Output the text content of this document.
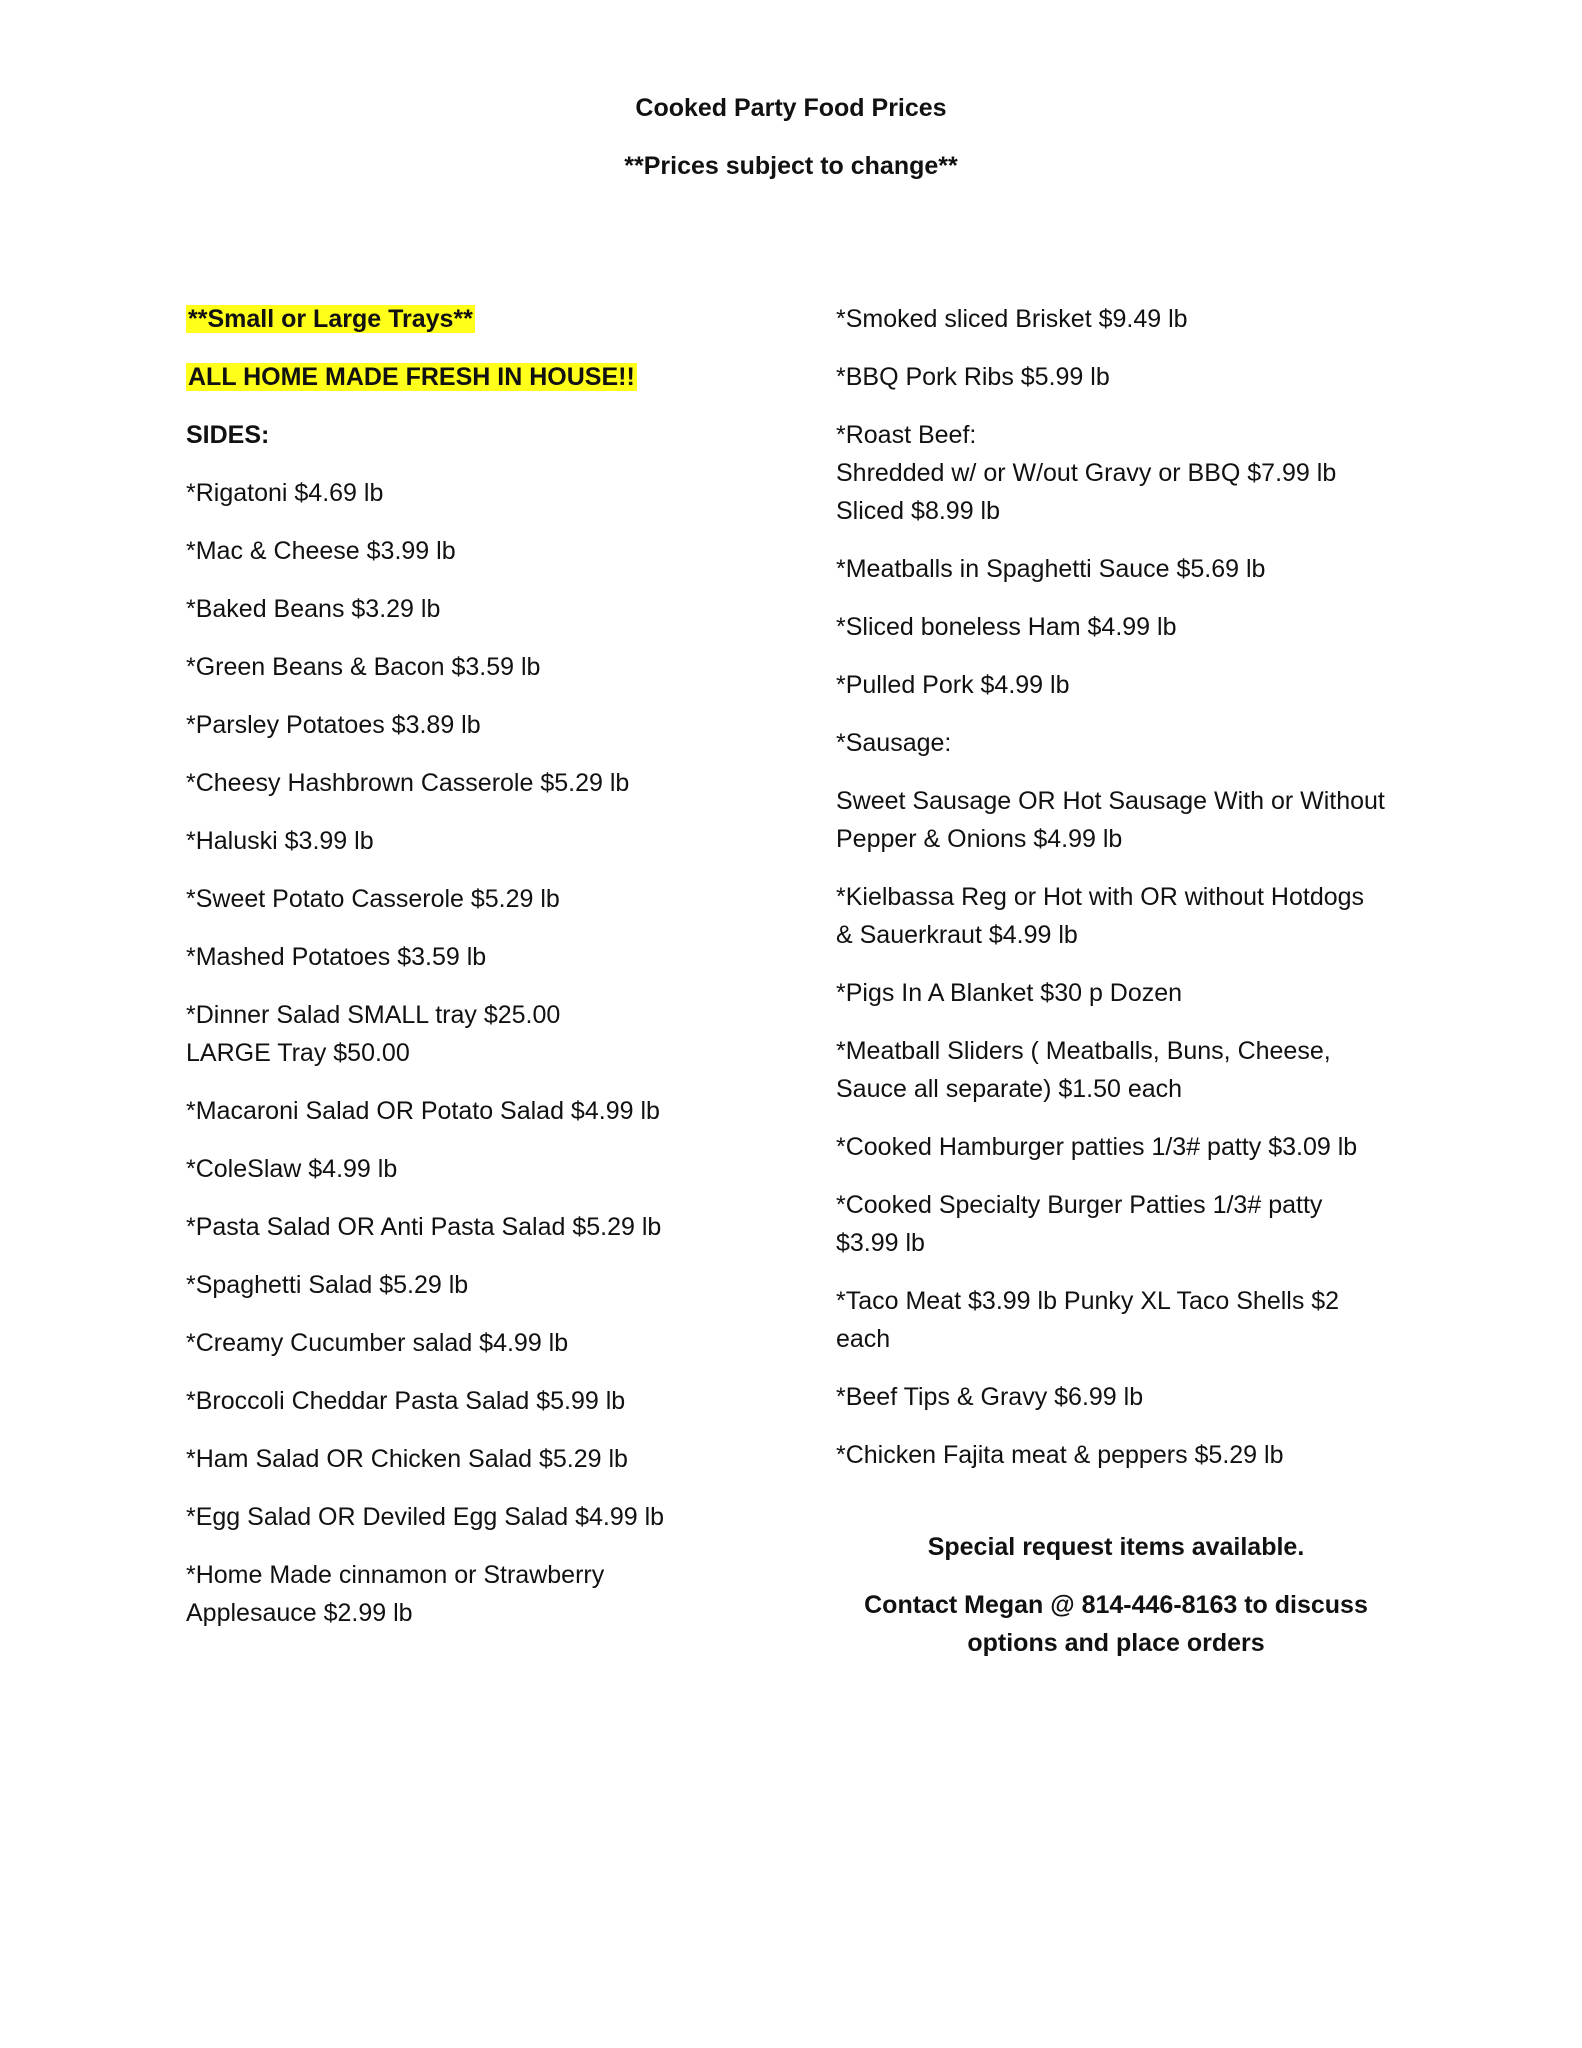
Cooked Party Food Prices
**Prices subject to change**

**Small or Large Trays**

ALL HOME MADE FRESH IN HOUSE!!

SIDES:

*Rigatoni $4.69 lb

*Mac & Cheese $3.99 lb

*Baked Beans $3.29 lb

*Green Beans & Bacon $3.59 lb

*Parsley Potatoes $3.89 lb

*Cheesy Hashbrown Casserole $5.29 lb

*Haluski $3.99 lb

*Sweet Potato Casserole $5.29 lb

*Mashed Potatoes $3.59 lb

*Dinner Salad SMALL tray $25.00
LARGE Tray $50.00

*Macaroni Salad OR Potato Salad $4.99 lb

*ColeSlaw $4.99 lb

*Pasta Salad OR Anti Pasta Salad $5.29 lb

*Spaghetti Salad $5.29 lb

*Creamy Cucumber salad $4.99 lb

*Broccoli Cheddar Pasta Salad $5.99 lb

*Ham Salad OR Chicken Salad $5.29 lb

*Egg Salad OR Deviled Egg Salad $4.99 lb

*Home Made cinnamon or Strawberry
Applesauce $2.99 lb

*Smoked sliced Brisket $9.49 lb

*BBQ Pork Ribs $5.99 lb

*Roast Beef:
Shredded w/ or W/out Gravy or BBQ $7.99 lb
Sliced $8.99 lb

*Meatballs in Spaghetti Sauce $5.69 lb

*Sliced boneless Ham $4.99 lb

*Pulled Pork $4.99 lb

*Sausage:

Sweet Sausage OR Hot Sausage With or Without
Pepper & Onions $4.99 lb

*Kielbassa Reg or Hot with OR without Hotdogs
& Sauerkraut $4.99 lb

*Pigs In A Blanket $30 p Dozen

*Meatball Sliders ( Meatballs, Buns, Cheese,
Sauce all separate) $1.50 each

*Cooked Hamburger patties 1/3# patty $3.09 lb

*Cooked Specialty Burger Patties 1/3# patty
$3.99 lb

*Taco Meat $3.99 lb Punky XL Taco Shells $2
each

*Beef Tips & Gravy $6.99 lb

*Chicken Fajita meat & peppers $5.29 lb

Special request items available.
Contact Megan @ 814-446-8163 to discuss
options and place orders
